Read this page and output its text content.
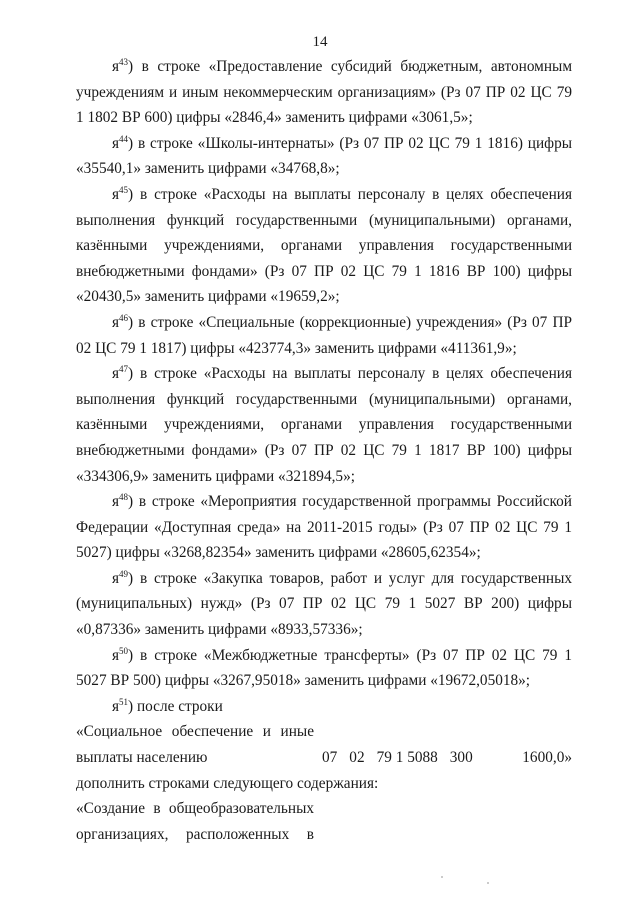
14

$я^{43}$) в строке «Предоставление субсидий бюджетным, автономным учреждениям и иным некоммерческим организациям» (Рз 07 ПР 02 ЦС 79 1 1802 ВР 600) цифры «2846,4» заменить цифрами «3061,5»;

$я^{44}$) в строке «Школы-интернаты» (Рз 07 ПР 02 ЦС 79 1 1816) цифры «35540,1» заменить цифрами «34768,8»;

$я^{45}$) в строке «Расходы на выплаты персоналу в целях обеспечения выполнения функций государственными (муниципальными) органами, казёнными учреждениями, органами управления государственными внебюджетными фондами» (Рз 07 ПР 02 ЦС 79 1 1816 ВР 100) цифры «20430,5» заменить цифрами «19659,2»;

$я^{46}$) в строке «Специальные (коррекционные) учреждения» (Рз 07 ПР 02 ЦС 79 1 1817) цифры «423774,3» заменить цифрами «411361,9»;

$я^{47}$) в строке «Расходы на выплаты персоналу в целях обеспечения выполнения функций государственными (муниципальными) органами, казёнными учреждениями, органами управления государственными внебюджетными фондами» (Рз 07 ПР 02 ЦС 79 1 1817 ВР 100) цифры «334306,9» заменить цифрами «321894,5»;

$я^{48}$) в строке «Мероприятия государственной программы Российской Федерации «Доступная среда» на 2011-2015 годы» (Рз 07 ПР 02 ЦС 79 1 5027) цифры «3268,82354» заменить цифрами «28605,62354»;

$я^{49}$) в строке «Закупка товаров, работ и услуг для государственных (муниципальных) нужд» (Рз 07 ПР 02 ЦС 79 1 5027 ВР 200) цифры «0,87336» заменить цифрами «8933,57336»;

$я^{50}$) в строке «Межбюджетные трансферты» (Рз 07 ПР 02 ЦС 79 1 5027 ВР 500) цифры «3267,95018» заменить цифрами «19672,05018»;

$я^{51}$) после строки

«Социальное обеспечение и иные
выплаты населению	07 02 79 1 5088 300	1600,0»
дополнить строками следующего содержания:
«Создание в общеобразовательных
организациях, расположенных в
